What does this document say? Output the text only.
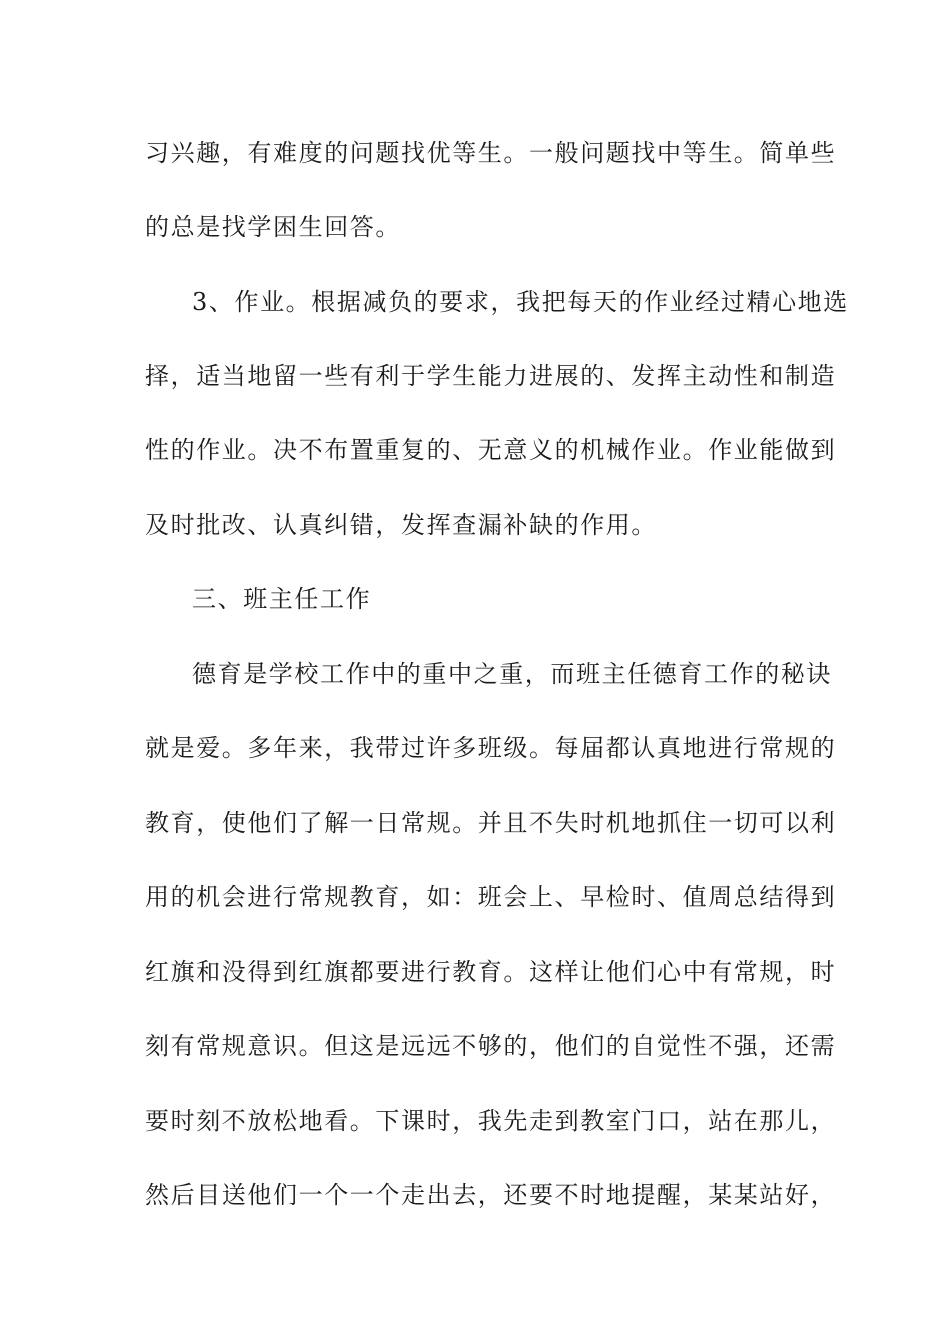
习兴趣，有难度的问题找优等生。一般问题找中等生。简单些
的总是找学困生回答。
3、作业。根据减负的要求，我把每天的作业经过精心地选
择，适当地留一些有利于学生能力进展的、发挥主动性和制造
性的作业。决不布置重复的、无意义的机械作业。作业能做到
及时批改、认真纠错，发挥查漏补缺的作用。
三、班主任工作
德育是学校工作中的重中之重，而班主任德育工作的秘诀
就是爱。多年来，我带过许多班级。每届都认真地进行常规的
教育，使他们了解一日常规。并且不失时机地抓住一切可以利
用的机会进行常规教育，如：班会上、早检时、值周总结得到
红旗和没得到红旗都要进行教育。这样让他们心中有常规，时
刻有常规意识。但这是远远不够的，他们的自觉性不强，还需
要时刻不放松地看。下课时，我先走到教室门口，站在那儿，
然后目送他们一个一个走出去，还要不时地提醒，某某站好，
